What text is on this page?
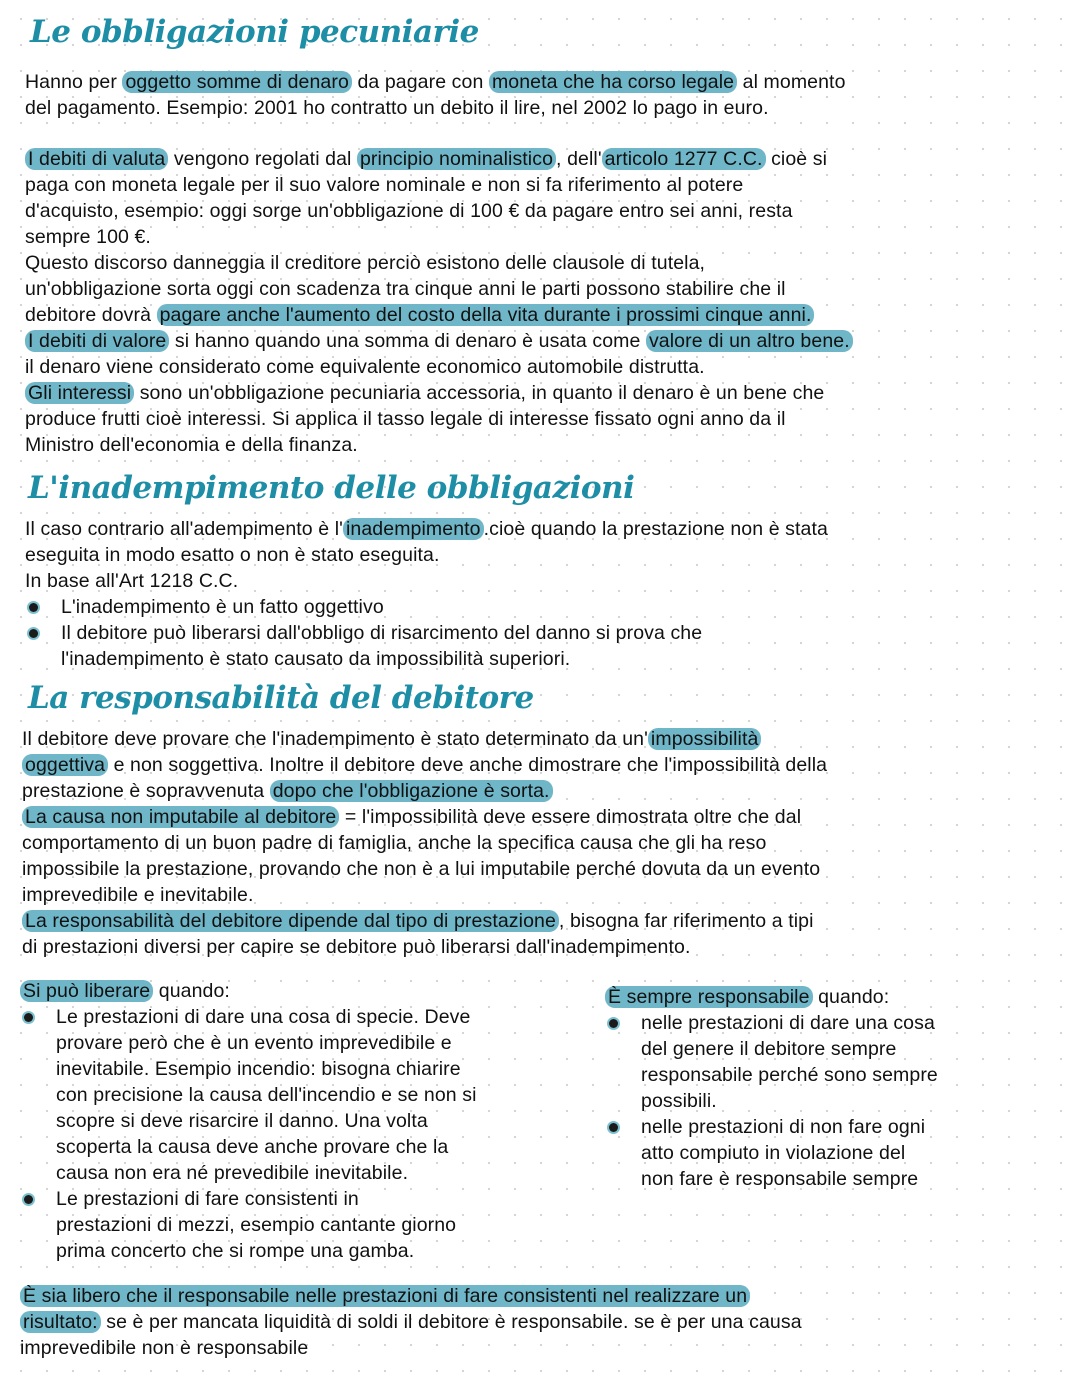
Le obbligazioni pecuniarie
Hanno per oggetto somme di denaro da pagare con moneta che ha corso legale al momento
del pagamento. Esempio: 2001 ho contratto un debito il lire, nel 2002 lo pago in euro.
I debiti di valuta vengono regolati dal principio nominalistico , dell' articolo 1277 C.C. cioè si
paga con moneta legale per il suo valore nominale e non si fa riferimento al potere
d'acquisto, esempio: oggi sorge un'obbligazione di 100 € da pagare entro sei anni, resta
sempre 100 €.
Questo discorso danneggia il creditore perciò esistono delle clausole di tutela,
un'obbligazione sorta oggi con scadenza tra cinque anni le parti possono stabilire che il
debitore dovrà pagare anche l'aumento del costo della vita durante i prossimi cinque anni.
I debiti di valore si hanno quando una somma di denaro è usata come valore di un altro bene.
il denaro viene considerato come equivalente economico automobile distrutta.
Gli interessi sono un'obbligazione pecuniaria accessoria, in quanto il denaro è un bene che
produce frutti cioè interessi. Si applica il tasso legale di interesse fissato ogni anno da il
Ministro dell'economia e della finanza.
L'inadempimento delle obbligazioni
Il caso contrario all'adempimento è l' inadempimento .cioè quando la prestazione non è stata
eseguita in modo esatto o non è stato eseguita.
In base all'Art 1218 C.C.
L'inadempimento è un fatto oggettivo
Il debitore può liberarsi dall'obbligo di risarcimento del danno si prova che
l'inadempimento è stato causato da impossibilità superiori.
La responsabilità del debitore
Il debitore deve provare che l'inadempimento è stato determinato da un' impossibilità
oggettiva e non soggettiva. Inoltre il debitore deve anche dimostrare che l'impossibilità della
prestazione è sopravvenuta dopo che l'obbligazione è sorta.
La causa non imputabile al debitore = l'impossibilità deve essere dimostrata oltre che dal
comportamento di un buon padre di famiglia, anche la specifica causa che gli ha reso
impossibile la prestazione, provando che non è a lui imputabile perché dovuta da un evento
imprevedibile e inevitabile.
La responsabilità del debitore dipende dal tipo di prestazione , bisogna far riferimento a tipi
di prestazioni diversi per capire se debitore può liberarsi dall'inadempimento.
Si può liberare quando:
Le prestazioni di dare una cosa di specie. Deve
provare però che è un evento imprevedibile e
inevitabile. Esempio incendio: bisogna chiarire
con precisione la causa dell'incendio e se non si
scopre si deve risarcire il danno. Una volta
scoperta la causa deve anche provare che la
causa non era né prevedibile inevitabile.
Le prestazioni di fare consistenti in
prestazioni di mezzi, esempio cantante giorno
prima concerto che si rompe una gamba.
È sempre responsabile quando:
nelle prestazioni di dare una cosa
del genere il debitore sempre
responsabile perché sono sempre
possibili.
nelle prestazioni di non fare ogni
atto compiuto in violazione del
non fare è responsabile sempre
È sia libero che il responsabile nelle prestazioni di fare consistenti nel realizzare un
risultato: se è per mancata liquidità di soldi il debitore è responsabile. se è per una causa
imprevedibile non è responsabile
